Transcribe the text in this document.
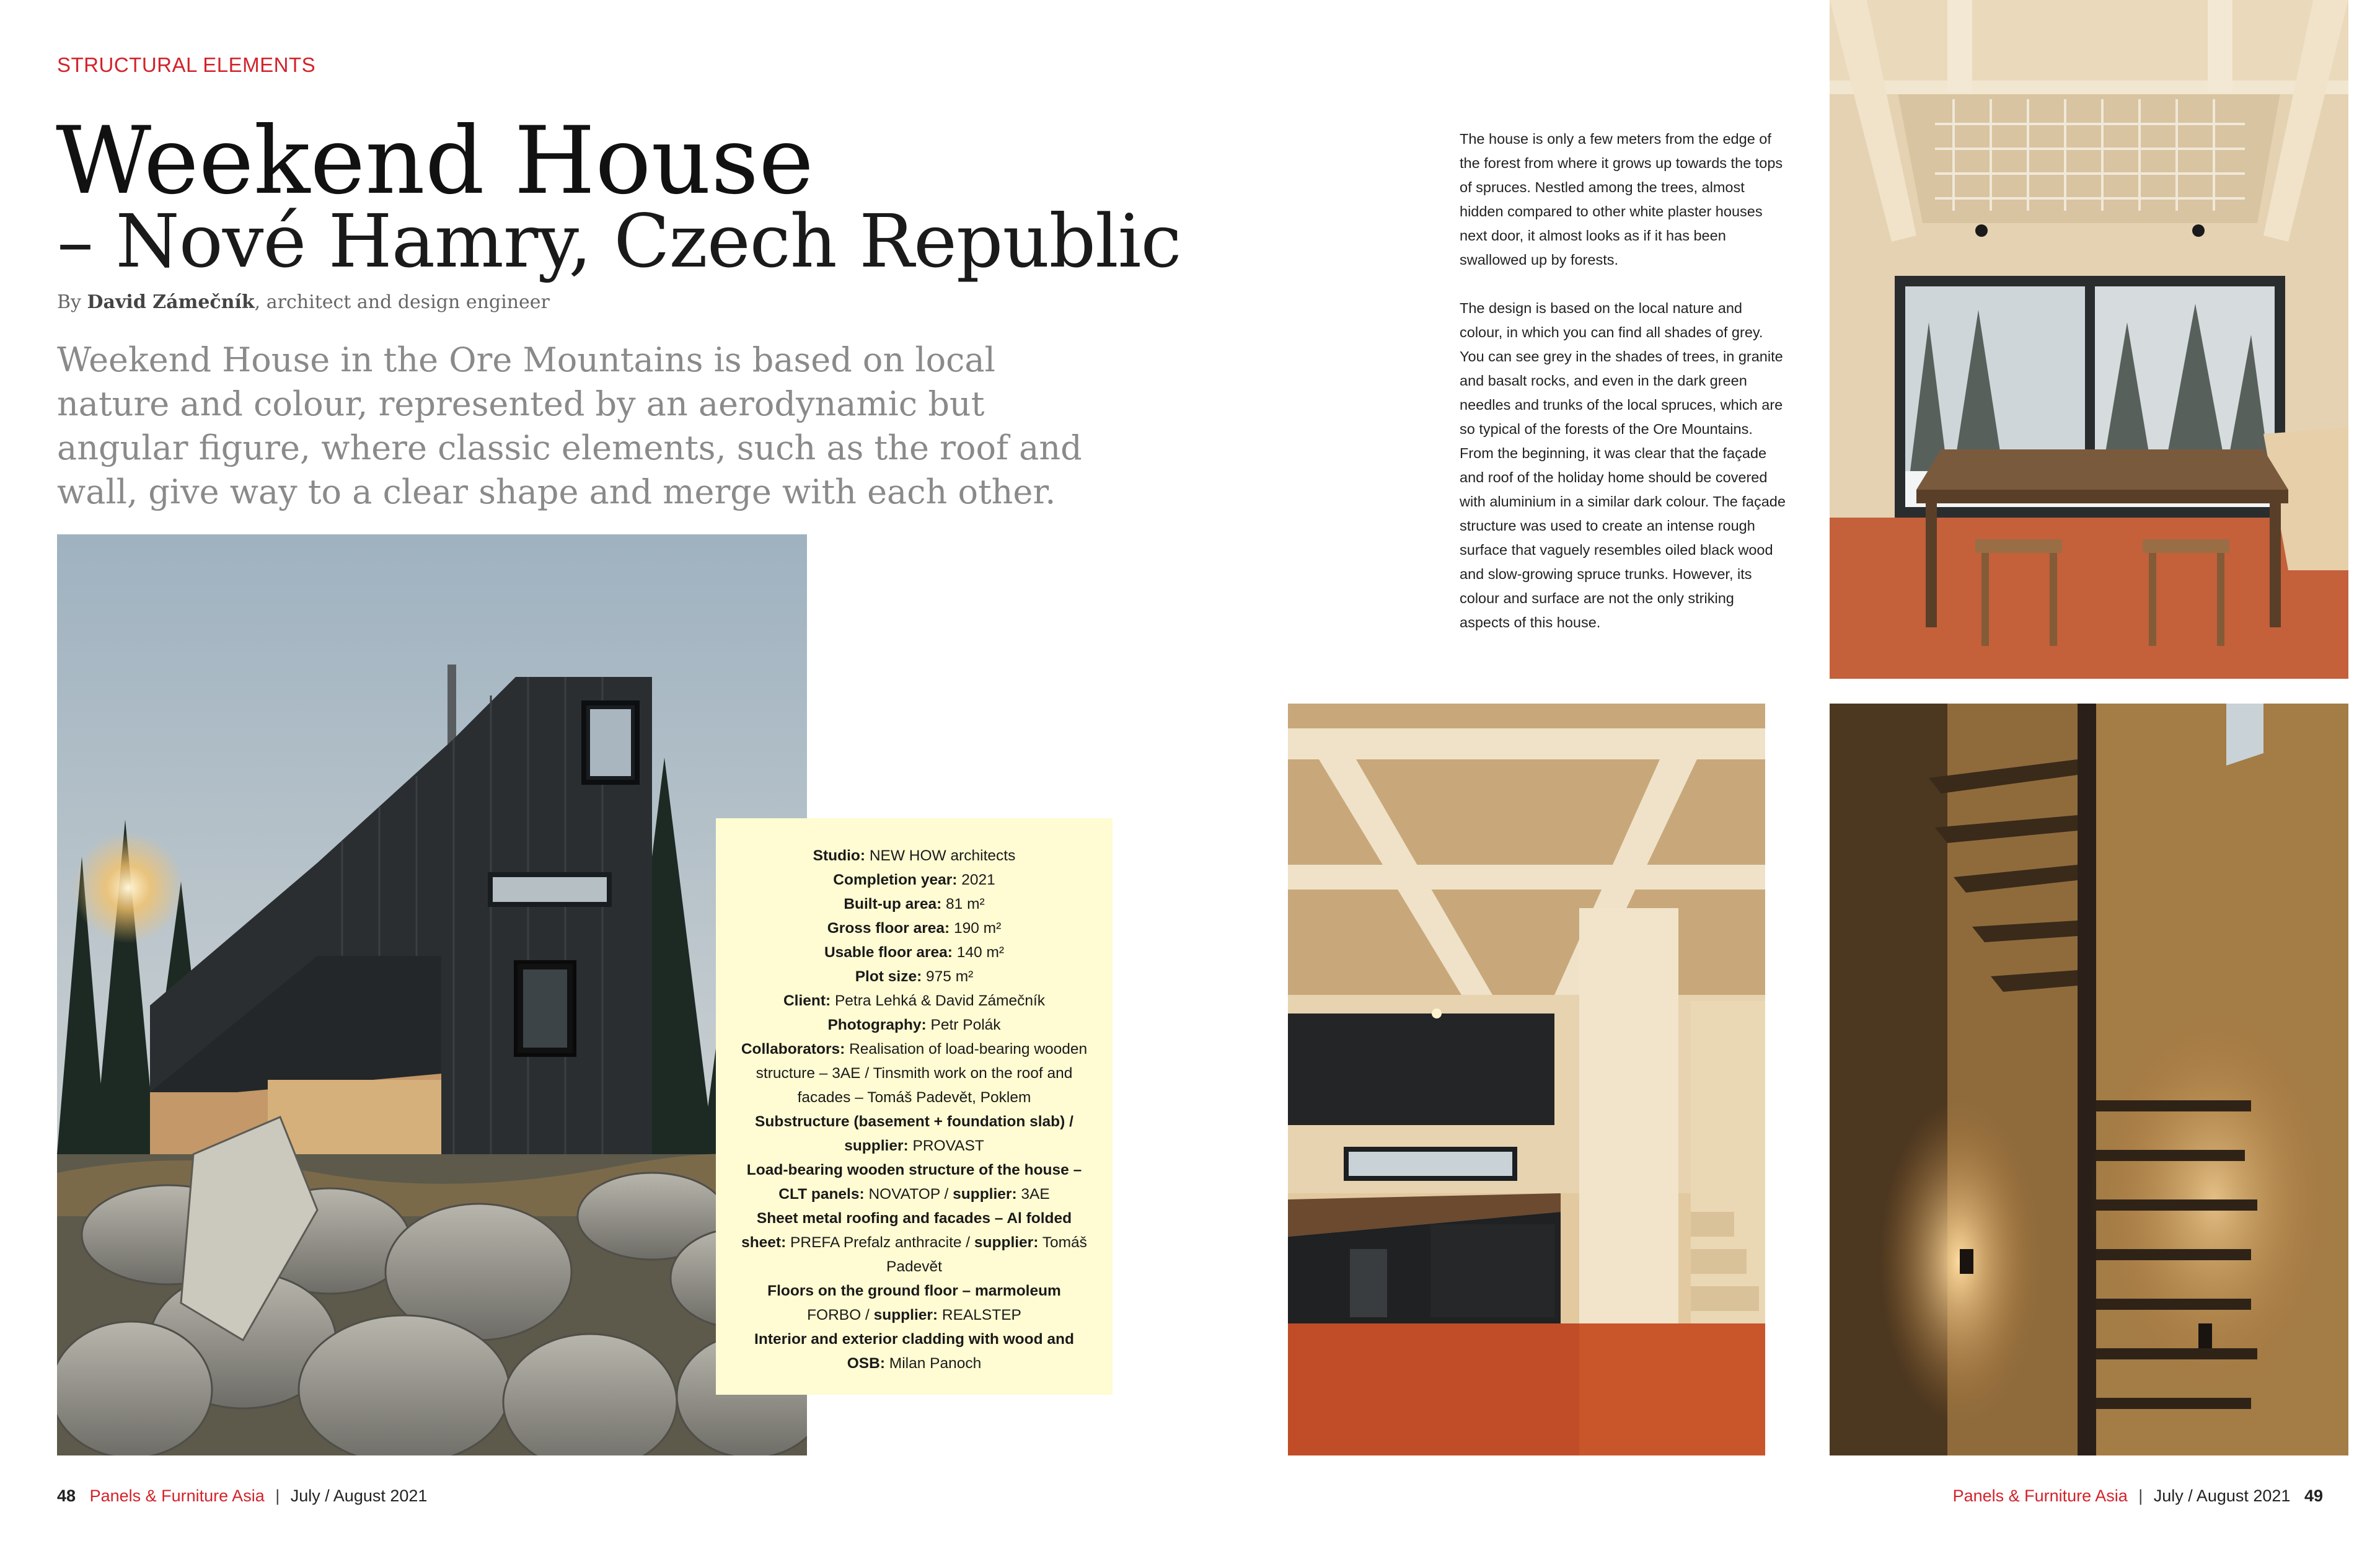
STRUCTURAL ELEMENTS
Weekend House
– Nové Hamry, Czech Republic
By David Zámečník, architect and design engineer
Weekend House in the Ore Mountains is based on local nature and colour, represented by an aerodynamic but angular figure, where classic elements, such as the roof and wall, give way to a clear shape and merge with each other.
Studio: NEW HOW architects
Completion year: 2021
Built-up area: 81 m²
Gross floor area: 190 m²
Usable floor area: 140 m²
Plot size: 975 m²
Client: Petra Lehká & David Zámečník
Photography: Petr Polák
Collaborators: Realisation of load-bearing wooden structure – 3AE / Tinsmith work on the roof and facades – Tomáš Padevět, Poklem
Substructure (basement + foundation slab) / supplier: PROVAST
Load-bearing wooden structure of the house – CLT panels: NOVATOP / supplier: 3AE
Sheet metal roofing and facades – Al folded sheet: PREFA Prefalz anthracite / supplier: Tomáš Padevět
Floors on the ground floor – marmoleum FORBO / supplier: REALSTEP
Interior and exterior cladding with wood and OSB: Milan Panoch

The house is only a few meters from the edge of the forest from where it grows up towards the tops of spruces. Nestled among the trees, almost hidden compared to other white plaster houses next door, it almost looks as if it has been swallowed up by forests.

The design is based on the local nature and colour, in which you can find all shades of grey. You can see grey in the shades of trees, in granite and basalt rocks, and even in the dark green needles and trunks of the local spruces, which are so typical of the forests of the Ore Mountains. From the beginning, it was clear that the façade and roof of the holiday home should be covered with aluminium in a similar dark colour. The façade structure was used to create an intense rough surface that vaguely resembles oiled black wood and slow-growing spruce trunks. However, its colour and surface are not the only striking aspects of this house.

48 Panels & Furniture Asia | July / August 2021	Panels & Furniture Asia | July / August 2021 49
